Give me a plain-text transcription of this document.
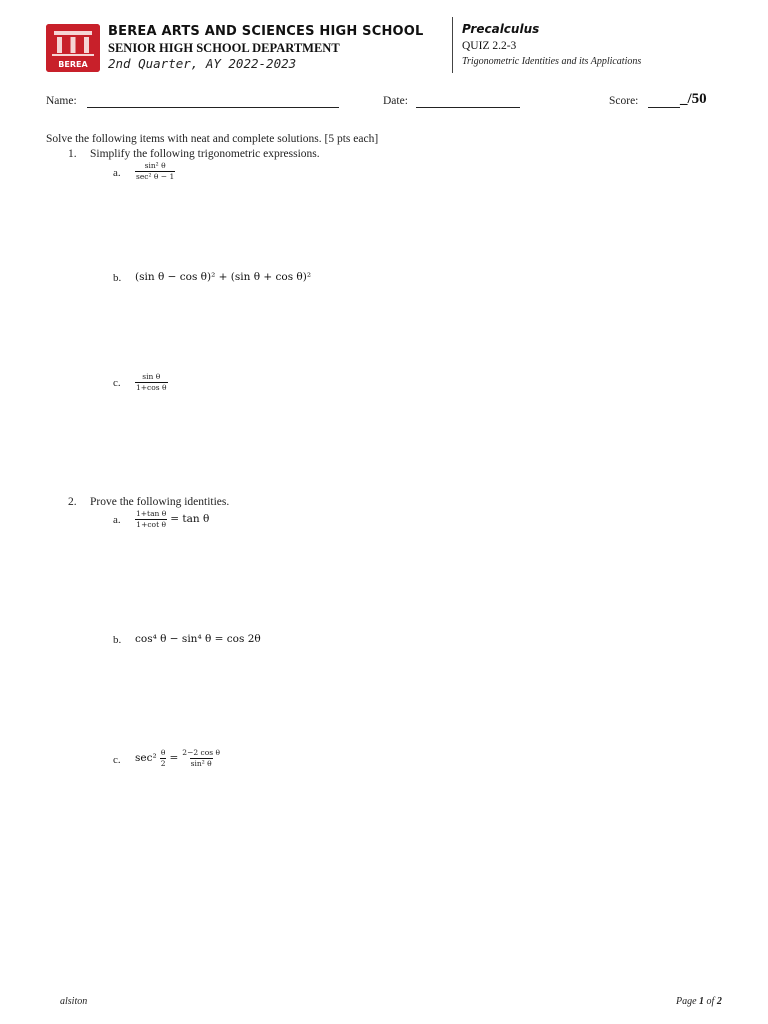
BEREA
BEREA ARTS AND SCIENCES HIGH SCHOOL
SENIOR HIGH SCHOOL DEPARTMENT
2nd Quarter, AY 2022-2023
Precalculus
QUIZ 2.2-3
Trigonometric Identities and its Applications
Name:	Date:	Score:	_/50
Solve the following items with neat and complete solutions. [5 pts each]
1. Simplify the following trigonometric expressions.
a. $\frac{\text{sin² θ}}{\text{sec² θ − 1}}$
b. (sin θ − cos θ)² + (sin θ + cos θ)²
c. $\frac{\text{sin θ}}{\text{1+cos θ}}$
2. Prove the following identities.
a. $\frac{\text{1+tan θ}}{\text{1+cot θ}} = \tan \theta$
b. cos⁴ θ − sin⁴ θ = cos 2θ
c. $\sec^2 \frac{\theta}{2} = \frac{\text{2−2 cos θ}}{\text{sin² θ}}$
alsiton	Page 1 of 2
